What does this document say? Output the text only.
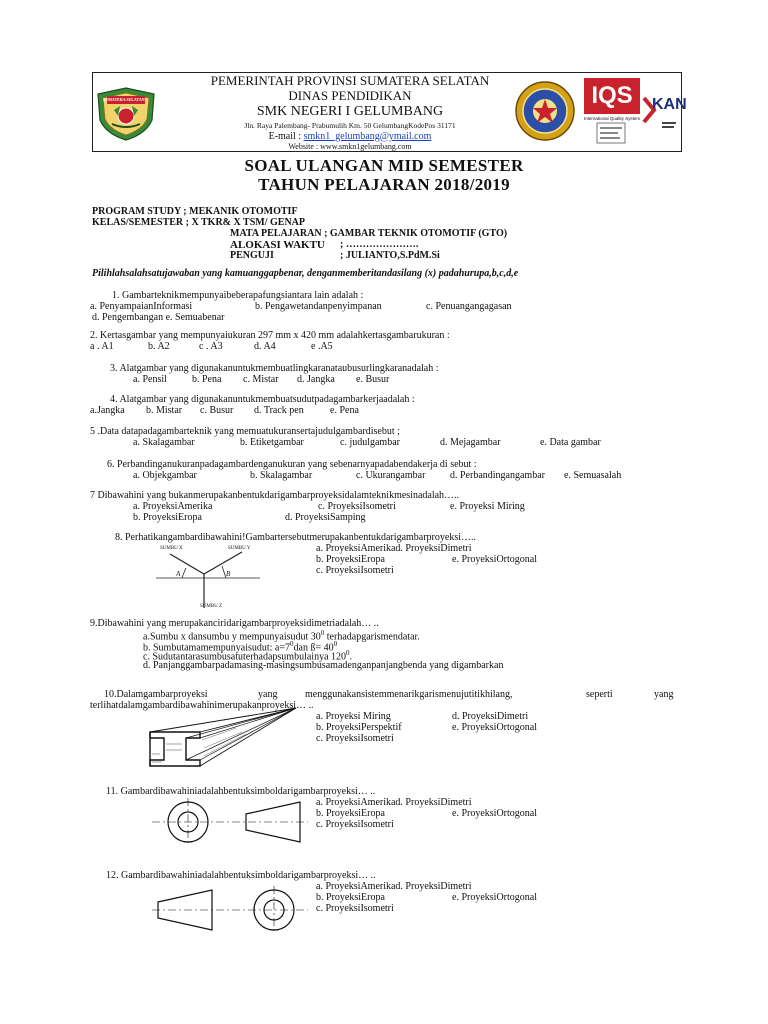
SUMATERA SELATAN
PEMERINTAH PROVINSI SUMATERA SELATAN
DINAS PENDIDIKAN
SMK NEGERI I GELUMBANG
Jln. Raya Palembang- Prabumulih Km. 50 GelumbangKodePos 31171
E-mail : smkn1_gelumbang@ymail.com
Website : www.smkn1gelumbang.com
IQS
International Quality System
KAN
SOAL ULANGAN MID SEMESTER
TAHUN PELAJARAN 2018/2019
PROGRAM STUDY ; MEKANIK OTOMOTIF
KELAS/SEMESTER ; X TKR& X TSM/ GENAP
MATA PELAJARAN ; GAMBAR TEKNIK OTOMOTIF (GTO)
ALOKASI WAKTU ; ………………….
PENGUJI	; JULIANTO,S.PdM.Si
Pilihlahsalahsatujawaban yang kamuanggapbenar, denganmemberitandasilang (x) padahurupa,b,c,d,e
1. Gambarteknikmempunyaibeberapafungsiantara lain adalah :
a. PenyampaianInformasi	b. Pengawetandanpenyimpanan	c. Penuangangagasan
d. Pengembangan e. Semuabenar
2. Kertasgambar yang mempunyaiukuran 297 mm x 420 mm adalahkertasgambarukuran :
a . A1	b. A2	c . A3	d. A4	e .A5
3. Alatgambar yang digunakanuntukmembuatlingkaranataubusurlingkaranadalah :
a. Pensil	b. Pena c. Mistar d. Jangka e. Busur
4. Alatgambar yang digunakanuntukmembuatsudutpadagambarkerjaadalah :
a.Jangka b. Mistar c. Busur d. Track pen	e. Pena
5 .Data datapadagambarteknik yang memuatukuransertajudulgambardisebut ;
a. Skalagambar	b. Etiketgambar	c. judulgambar	d. Mejagambar	e. Data gambar
6. Perbandinganukuranpadagambardenganukuran yang sebenarnyapadabendakerja di sebut :
a. Objekgambar	b. Skalagambar	c. Ukurangambar d. Perbandingangambar e. Semuasalah
7 Dibawahini yang bukanmerupakanbentukdarigambarproyeksidalamteknikmesinadalah…..
a. ProyeksiAmerika	c. ProyeksiIsometri	e. Proyeksi Miring
b. ProyeksiEropa	d. ProyeksiSamping
8. Perhatikangambardibawahini!Gambartersebutmerupakanbentukdarigambarproyeksi…..
a. ProyeksiAmerikad. ProyeksiDimetri
b. ProyeksiEropa	e. ProyeksiOrtogonal
c. ProyeksiIsometri
SUMBU X	SUMBU Y
SUMBU Z
A	B
9.Dibawahini yang merupakanciridarigambarproyeksidimetriadalah… ..
a.Sumbu x dansumbu y mempunyaisudut $30^0$ terhadapgarismendatar.
b. Sumbutamamempunyaisudut: $a=7^0dan$ ß= $40^0$
c. Sudutantarasumbusatuterhadapsumbulainya $120^0$.
d. Panjanggambarpadamasing-masingsumbusamadenganpanjangbenda yang digambarkan
10.Dalamgambarproyeksi	yang	menggunakansistemmenarikgarismenujutitikhilang,	seperti	yang
terlihatdalamgambardibawahinimerupakanproyeksi… ..
a. Proyeksi Miring	d. ProyeksiDimetri
b. ProyeksiPerspektif	e. ProyeksiOrtogonal
c. ProyeksiIsometri
11. Gambardibawahiniadalahbentuksimboldarigambarproyeksi… ..
a. ProyeksiAmerikad. ProyeksiDimetri
b. ProyeksiEropa	e. ProyeksiOrtogonal
c. ProyeksiIsometri
12. Gambardibawahiniadalahbentuksimboldarigambarproyeksi… ..
a. ProyeksiAmerikad. ProyeksiDimetri
b. ProyeksiEropa	e. ProyeksiOrtogonal
c. ProyeksiIsometri
